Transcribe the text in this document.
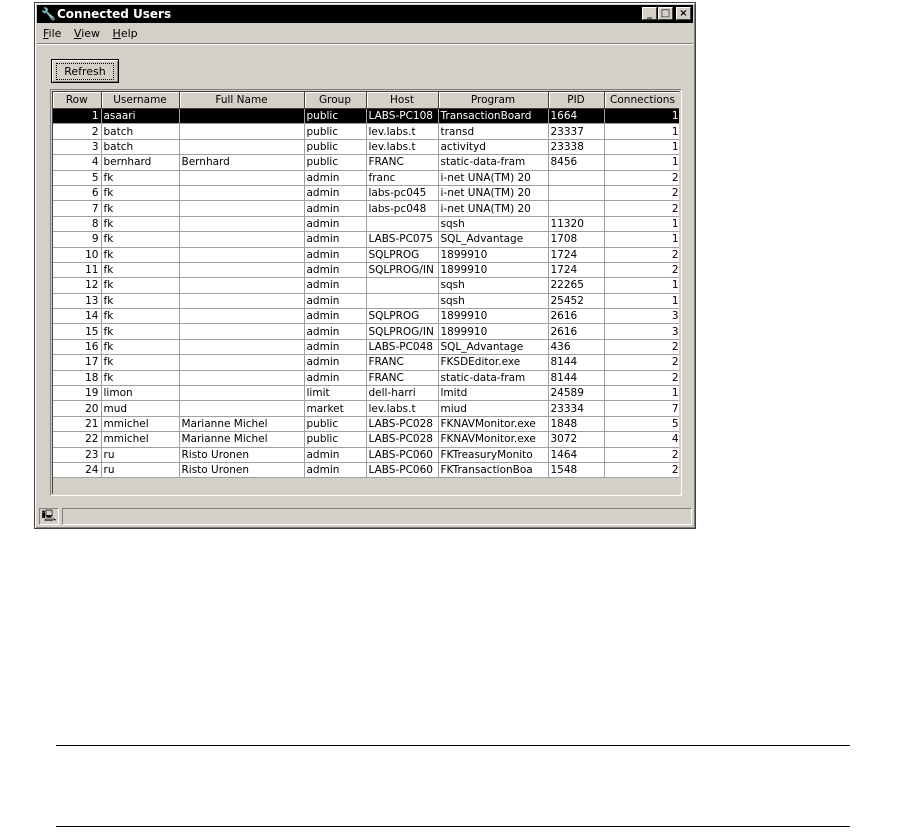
🔧 Connected Users	_ □ ×
File View Help
Refresh
Row	Username	Full Name	Group	Host	Program	PID	Connections
1	asaari		public	LABS-PC108	TransactionBoard	1664	1
2	batch		public	lev.labs.t	transd	23337	1
3	batch		public	lev.labs.t	activityd	23338	1
4	bernhard	Bernhard	public	FRANC	static-data-fram	8456	1
5	fk		admin	franc	i-net UNA(TM) 20		2
6	fk		admin	labs-pc045	i-net UNA(TM) 20		2
7	fk		admin	labs-pc048	i-net UNA(TM) 20		2
8	fk		admin		sqsh	11320	1
9	fk		admin	LABS-PC075	SQL_Advantage	1708	1
10	fk		admin	SQLPROG	1899910	1724	2
11	fk		admin	SQLPROG/IN	1899910	1724	2
12	fk		admin		sqsh	22265	1
13	fk		admin		sqsh	25452	1
14	fk		admin	SQLPROG	1899910	2616	3
15	fk		admin	SQLPROG/IN	1899910	2616	3
16	fk		admin	LABS-PC048	SQL_Advantage	436	2
17	fk		admin	FRANC	FKSDEditor.exe	8144	2
18	fk		admin	FRANC	static-data-fram	8144	2
19	limon		limit	dell-harri	lmitd	24589	1
20	mud		market	lev.labs.t	miud	23334	7
21	mmichel	Marianne Michel	public	LABS-PC028	FKNAVMonitor.exe	1848	5
22	mmichel	Marianne Michel	public	LABS-PC028	FKNAVMonitor.exe	3072	4
23	ru	Risto Uronen	admin	LABS-PC060	FKTreasuryMonito	1464	2
24	ru	Risto Uronen	admin	LABS-PC060	FKTransactionBoa	1548	2
🖳
